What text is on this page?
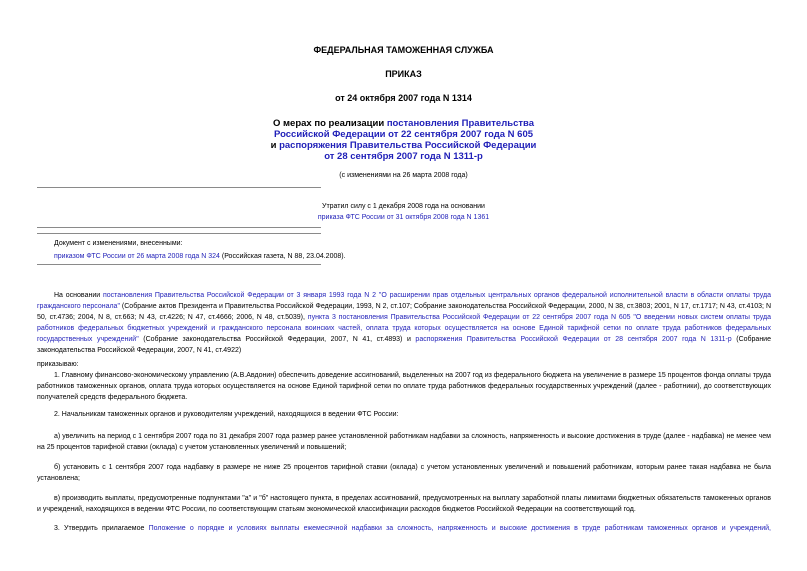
ФЕДЕРАЛЬНАЯ ТАМОЖЕННАЯ СЛУЖБА
ПРИКАЗ
от 24 октября 2007 года N 1314
О мерах по реализации постановления Правительства
Российской Федерации от 22 сентября 2007 года N 605
и распоряжения Правительства Российской Федерации
от 28 сентября 2007 года N 1311-р
(с изменениями на 26 марта 2008 года)
Утратил силу с 1 декабря 2008 года на основании
приказа ФТС России от 31 октября 2008 года N 1361
Документ с изменениями, внесенными:
приказом ФТС России от 26 марта 2008 года N 324 (Российская газета, N 88, 23.04.2008).
На основании постановления Правительства Российской Федерации от 3 января 1993 года N 2 "О расширении прав отдельных центральных органов федеральной исполнительной власти в области оплаты труда гражданского персонала" (Собрание актов Президента и Правительства Российской Федерации, 1993, N 2, ст.107; Собрание законодательства Российской Федерации, 2000, N 38, ст.3803; 2001, N 17, ст.1717; N 43, ст.4103; N 50, ст.4736; 2004, N 8, ст.663; N 43, ст.4226; N 47, ст.4666; 2006, N 48, ст.5039), пункта 3 постановления Правительства Российской Федерации от 22 сентября 2007 года N 605 "О введении новых систем оплаты труда работников федеральных бюджетных учреждений и гражданского персонала воинских частей, оплата труда которых осуществляется на основе Единой тарифной сетки по оплате труда работников федеральных государственных учреждений" (Собрание законодательства Российской Федерации, 2007, N 41, ст.4893) и распоряжения Правительства Российской Федерации от 28 сентября 2007 года N 1311-р (Собрание законодательства Российской Федерации, 2007, N 41, ст.4922)
приказываю:
1. Главному финансово-экономическому управлению (А.В.Авдонин) обеспечить доведение ассигнований, выделенных на 2007 год из федерального бюджета на увеличение в размере 15 процентов фонда оплаты труда работников таможенных органов, оплата труда которых осуществляется на основе Единой тарифной сетки по оплате труда работников федеральных государственных учреждений (далее - работники), до соответствующих получателей средств федерального бюджета.
2. Начальникам таможенных органов и руководителям учреждений, находящихся в ведении ФТС России:
а) увеличить на период с 1 сентября 2007 года по 31 декабря 2007 года размер ранее установленной работникам надбавки за сложность, напряженность и высокие достижения в труде (далее - надбавка) не менее чем на 25 процентов тарифной ставки (оклада) с учетом установленных увеличений и повышений;
б) установить с 1 сентября 2007 года надбавку в размере не ниже 25 процентов тарифной ставки (оклада) с учетом установленных увеличений и повышений работникам, которым ранее такая надбавка не была установлена;
в) производить выплаты, предусмотренные подпунктами "а" и "б" настоящего пункта, в пределах ассигнований, предусмотренных на выплату заработной платы лимитами бюджетных обязательств таможенных органов и учреждений, находящихся в ведении ФТС России, по соответствующим статьям экономической классификации расходов бюджетов Российской Федерации на соответствующий год.
3. Утвердить прилагаемое Положение о порядке и условиях выплаты ежемесячной надбавки за сложность, напряженность и высокие достижения в труде работникам таможенных органов и учреждений,
